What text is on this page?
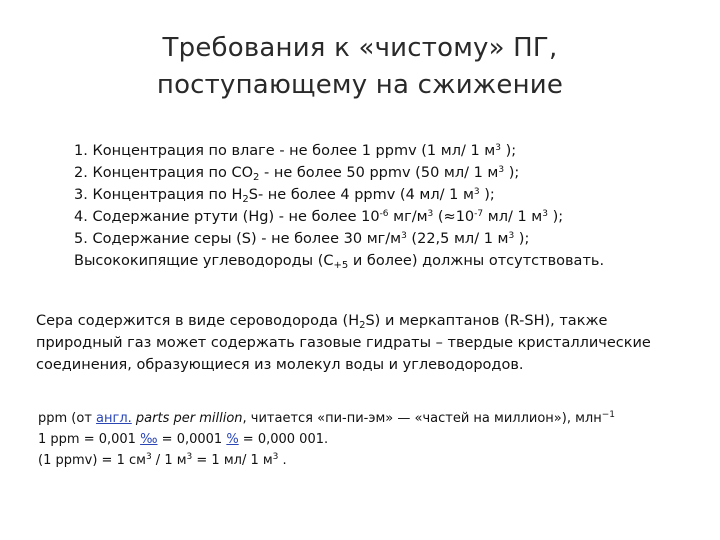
Требования к «чистому» ПГ,
поступающему на сжижение
1. Концентрация по влаге - не более 1 ppmv (1 мл/ 1 $м^3$ );
2. Концентрация по $CO_2$ - не более 50 ppmv (50 мл/ 1 $м^3$ );
3. Концентрация по $H_2S-$ не более 4 ppmv (4 мл/ 1 $м^3$ );
4. Содержание ртути (Hg) - не более $10^{-6}$ $мг/м^3$ ($\approx 10^{-7}$ мл/ 1 $м^3$ );
5. Содержание серы (S) - не более 30 $мг/м^3$ (22,5 мл/ 1 $м^3$ );
Высококипящие углеводороды ($C_{+5}$ и более) должны отсутствовать.
Сера содержится в виде сероводорода $(H_2S)$ и меркаптанов (R-SH), также
природный газ может содержать газовые гидраты – твердые кристаллические
соединения, образующиеся из молекул воды и углеводородов.
ppm (от англ. parts per million, читается «пи-пи-эм» — «частей на миллион»), млн$^{-1}$
1 ppm = 0,001 ‰ = 0,0001 % = 0,000 001.
(1 ppmv) = 1 $см^3 / 1$ $м^3 = 1$ мл/ 1 $м^3$ .
